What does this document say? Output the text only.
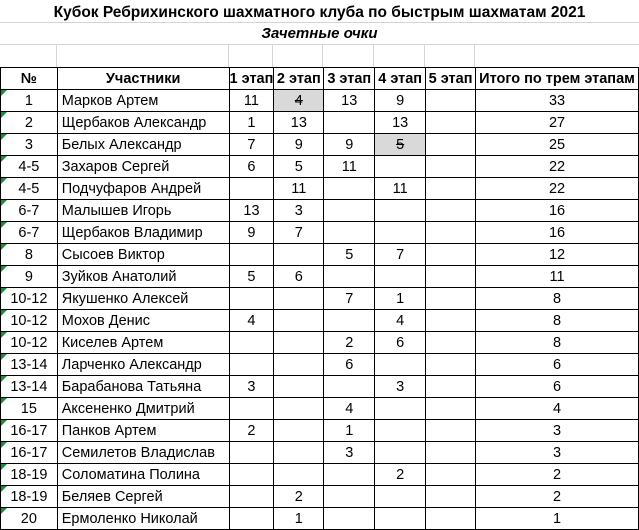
Кубок Ребрихинского шахматного клуба по быстрым шахматам 2021
Зачетные очки
№	Участники	1 этап	2 этап	3 этап	4 этап	5 этап	Итого по трем этапам

1	Марков Артем	11	4	13	9		33

2	Щербаков Александр	1	13		13		27

3	Белых Александр	7	9	9	5		25

4-5	Захаров Сергей	6	5	11			22

4-5	Подчуфаров Андрей		11		11		22

6-7	Малышев Игорь	13	3				16

6-7	Щербаков Владимир	9	7				16

8	Сысоев Виктор			5	7		12

9	Зуйков Анатолий	5	6				11

10-12	Якушенко Алексей			7	1		8

10-12	Мохов Денис	4			4		8

10-12	Киселев Артем			2	6		8

13-14	Ларченко Александр			6			6

13-14	Барабанова Татьяна	3			3		6

15	Аксененко Дмитрий			4			4

16-17	Панков Артем	2		1			3

16-17	Семилетов Владислав			3			3

18-19	Соломатина Полина				2		2

18-19	Беляев Сергей		2				2

20	Ермоленко Николай		1				1
